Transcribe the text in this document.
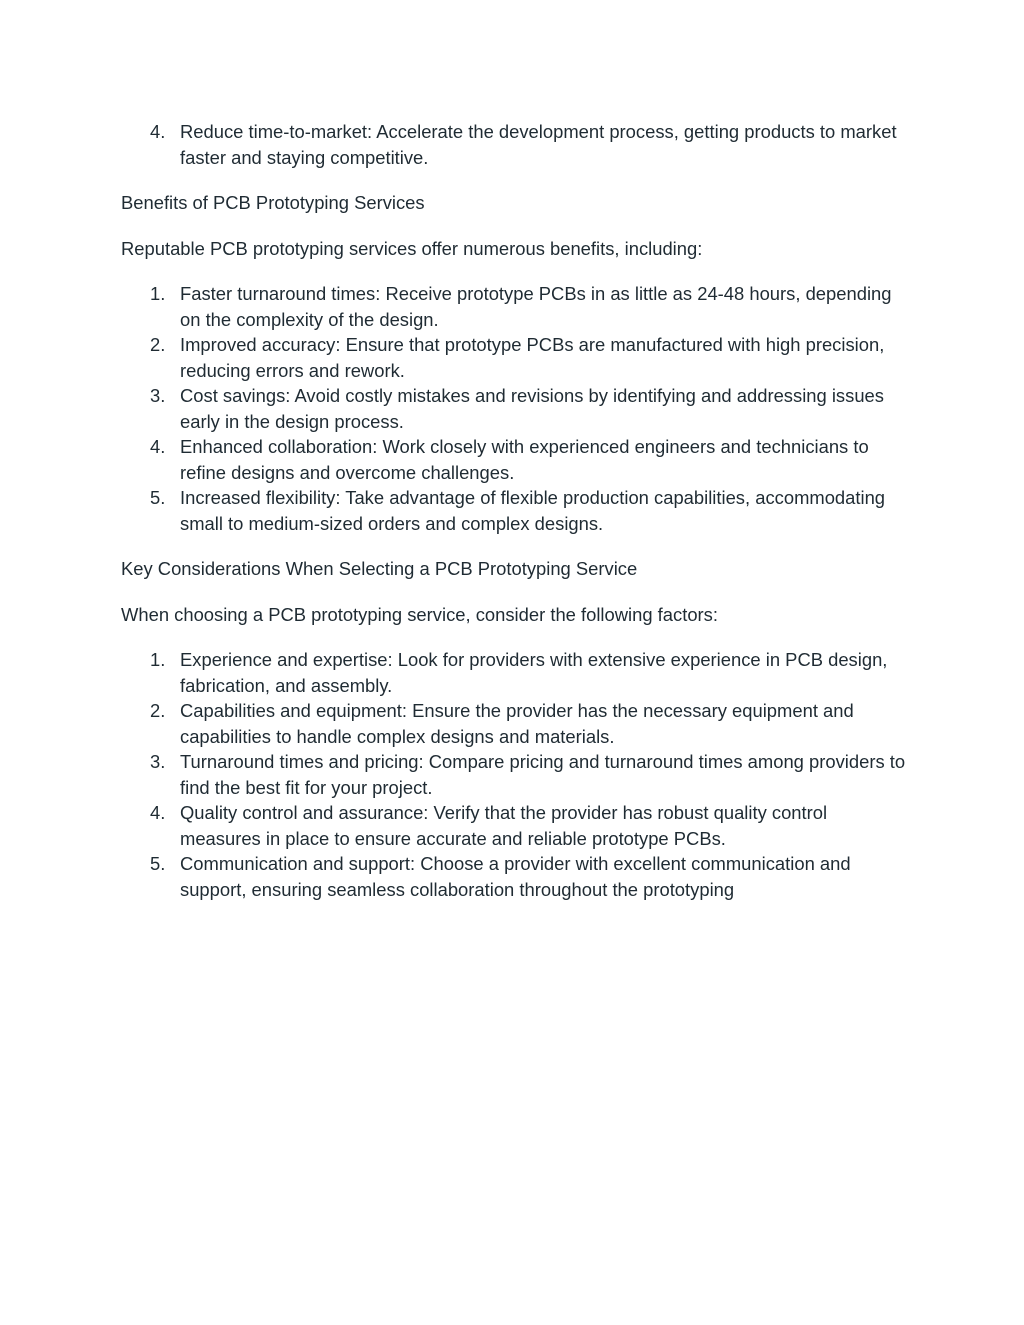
4. Reduce time-to-market: Accelerate the development process, getting products to market faster and staying competitive.

Benefits of PCB Prototyping Services

Reputable PCB prototyping services offer numerous benefits, including:

1. Faster turnaround times: Receive prototype PCBs in as little as 24-48 hours, depending on the complexity of the design.
2. Improved accuracy: Ensure that prototype PCBs are manufactured with high precision, reducing errors and rework.
3. Cost savings: Avoid costly mistakes and revisions by identifying and addressing issues early in the design process.
4. Enhanced collaboration: Work closely with experienced engineers and technicians to refine designs and overcome challenges.
5. Increased flexibility: Take advantage of flexible production capabilities, accommodating small to medium-sized orders and complex designs.

Key Considerations When Selecting a PCB Prototyping Service

When choosing a PCB prototyping service, consider the following factors:

1. Experience and expertise: Look for providers with extensive experience in PCB design, fabrication, and assembly.
2. Capabilities and equipment: Ensure the provider has the necessary equipment and capabilities to handle complex designs and materials.
3. Turnaround times and pricing: Compare pricing and turnaround times among providers to find the best fit for your project.
4. Quality control and assurance: Verify that the provider has robust quality control measures in place to ensure accurate and reliable prototype PCBs.
5. Communication and support: Choose a provider with excellent communication and support, ensuring seamless collaboration throughout the prototyping
